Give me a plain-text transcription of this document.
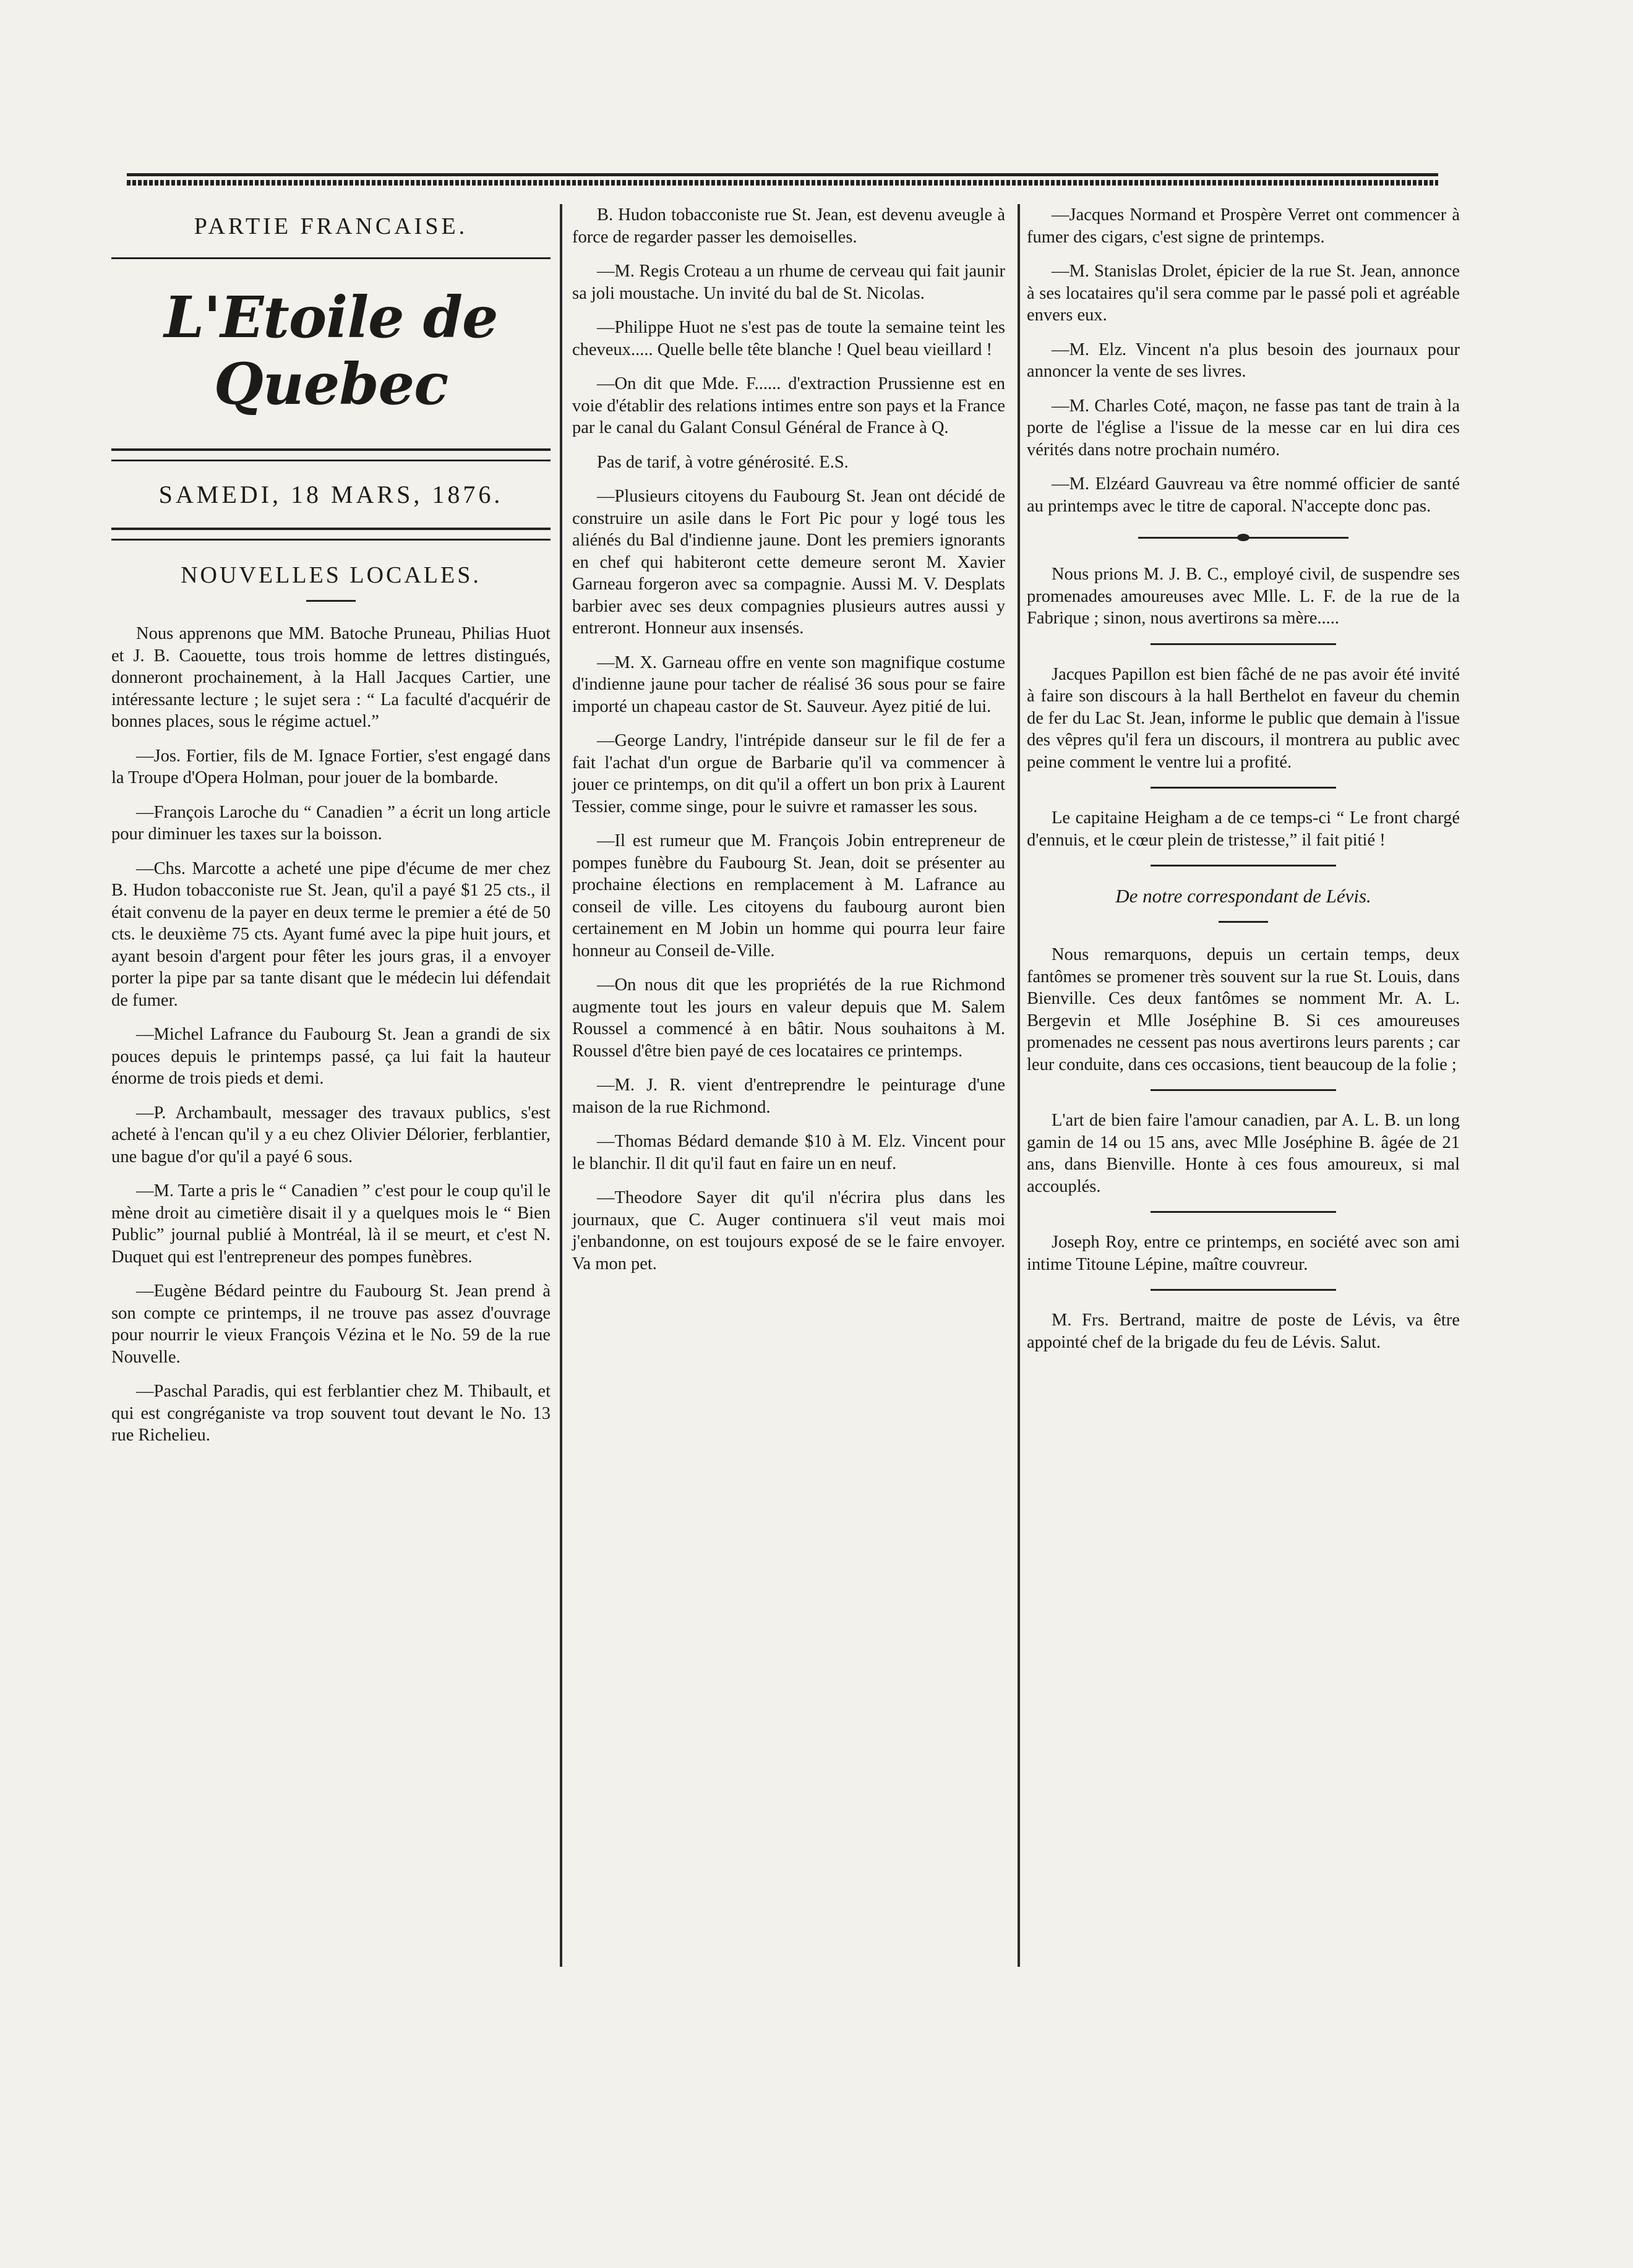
PARTIE FRANCAISE.
L'Etoile de Quebec
SAMEDI, 18 MARS, 1876.
NOUVELLES LOCALES.

Nous apprenons que MM. Batoche Pruneau, Philias Huot et J. B. Caouette, tous trois homme de lettres distingués, donneront prochainement, à la Hall Jacques Cartier, une intéressante lecture ; le sujet sera : “ La faculté d'acquérir de bonnes places, sous le régime actuel.”

—Jos. Fortier, fils de M. Ignace Fortier, s'est engagé dans la Troupe d'Opera Holman, pour jouer de la bombarde.

—François Laroche du “ Canadien ” a écrit un long article pour diminuer les taxes sur la boisson.

—Chs. Marcotte a acheté une pipe d'écume de mer chez B. Hudon tobacconiste rue St. Jean, qu'il a payé $1 25 cts., il était convenu de la payer en deux terme le premier a été de 50 cts. le deuxième 75 cts. Ayant fumé avec la pipe huit jours, et ayant besoin d'argent pour fêter les jours gras, il a envoyer porter la pipe par sa tante disant que le médecin lui défendait de fumer.

—Michel Lafrance du Faubourg St. Jean a grandi de six pouces depuis le printemps passé, ça lui fait la hauteur énorme de trois pieds et demi.

—P. Archambault, messager des travaux publics, s'est acheté à l'encan qu'il y a eu chez Olivier Délorier, ferblantier, une bague d'or qu'il a payé 6 sous.

—M. Tarte a pris le “ Canadien ” c'est pour le coup qu'il le mène droit au cimetière disait il y a quelques mois le “ Bien Public” journal publié à Montréal, là il se meurt, et c'est N. Duquet qui est l'entrepreneur des pompes funèbres.

—Eugène Bédard peintre du Faubourg St. Jean prend à son compte ce printemps, il ne trouve pas assez d'ouvrage pour nourrir le vieux François Vézina et le No. 59 de la rue Nouvelle.

—Paschal Paradis, qui est ferblantier chez M. Thibault, et qui est congréganiste va trop souvent tout devant le No. 13 rue Richelieu.

B. Hudon tobacconiste rue St. Jean, est devenu aveugle à force de regarder passer les demoiselles.

—M. Regis Croteau a un rhume de cerveau qui fait jaunir sa joli moustache. Un invité du bal de St. Nicolas.

—Philippe Huot ne s'est pas de toute la semaine teint les cheveux..... Quelle belle tête blanche ! Quel beau vieillard !

—On dit que Mde. F...... d'extraction Prussienne est en voie d'établir des relations intimes entre son pays et la France par le canal du Galant Consul Général de France à Q.

Pas de tarif, à votre générosité. E.S.

—Plusieurs citoyens du Faubourg St. Jean ont décidé de construire un asile dans le Fort Pic pour y logé tous les aliénés du Bal d'indienne jaune. Dont les premiers ignorants en chef qui habiteront cette demeure seront M. Xavier Garneau forgeron avec sa compagnie. Aussi M. V. Desplats barbier avec ses deux compagnies plusieurs autres aussi y entreront. Honneur aux insensés.

—M. X. Garneau offre en vente son magnifique costume d'indienne jaune pour tacher de réalisé 36 sous pour se faire importé un chapeau castor de St. Sauveur. Ayez pitié de lui.

—George Landry, l'intrépide danseur sur le fil de fer a fait l'achat d'un orgue de Barbarie qu'il va commencer à jouer ce printemps, on dit qu'il a offert un bon prix à Laurent Tessier, comme singe, pour le suivre et ramasser les sous.

—Il est rumeur que M. François Jobin entrepreneur de pompes funèbre du Faubourg St. Jean, doit se présenter au prochaine élections en remplacement à M. Lafrance au conseil de ville. Les citoyens du faubourg auront bien certainement en M Jobin un homme qui pourra leur faire honneur au Conseil de-Ville.

—On nous dit que les propriétés de la rue Richmond augmente tout les jours en valeur depuis que M. Salem Roussel a commencé à en bâtir. Nous souhaitons à M. Roussel d'être bien payé de ces locataires ce printemps.

—M. J. R. vient d'entreprendre le peinturage d'une maison de la rue Richmond.

—Thomas Bédard demande $10 à M. Elz. Vincent pour le blanchir. Il dit qu'il faut en faire un en neuf.

—Theodore Sayer dit qu'il n'écrira plus dans les journaux, que C. Auger continuera s'il veut mais moi j'enbandonne, on est toujours exposé de se le faire envoyer. Va mon pet.

—Jacques Normand et Prospère Verret ont commencer à fumer des cigars, c'est signe de printemps.

—M. Stanislas Drolet, épicier de la rue St. Jean, annonce à ses locataires qu'il sera comme par le passé poli et agréable envers eux.

—M. Elz. Vincent n'a plus besoin des journaux pour annoncer la vente de ses livres.

—M. Charles Coté, maçon, ne fasse pas tant de train à la porte de l'église a l'issue de la messe car en lui dira ces vérités dans notre prochain numéro.

—M. Elzéard Gauvreau va être nommé officier de santé au printemps avec le titre de caporal. N'accepte donc pas.

Nous prions M. J. B. C., employé civil, de suspendre ses promenades amoureuses avec Mlle. L. F. de la rue de la Fabrique ; sinon, nous avertirons sa mère.....

Jacques Papillon est bien fâché de ne pas avoir été invité à faire son discours à la hall Berthelot en faveur du chemin de fer du Lac St. Jean, informe le public que demain à l'issue des vêpres qu'il fera un discours, il montrera au public avec peine comment le ventre lui a profité.

Le capitaine Heigham a de ce temps-ci “ Le front chargé d'ennuis, et le cœur plein de tristesse,” il fait pitié !

De notre correspondant de Lévis.

Nous remarquons, depuis un certain temps, deux fantômes se promener très souvent sur la rue St. Louis, dans Bienville. Ces deux fantômes se nomment Mr. A. L. Bergevin et Mlle Joséphine B. Si ces amoureuses promenades ne cessent pas nous avertirons leurs parents ; car leur conduite, dans ces occasions, tient beaucoup de la folie ;

L'art de bien faire l'amour canadien, par A. L. B. un long gamin de 14 ou 15 ans, avec Mlle Joséphine B. âgée de 21 ans, dans Bienville. Honte à ces fous amoureux, si mal accouplés.

Joseph Roy, entre ce printemps, en société avec son ami intime Titoune Lépine, maître couvreur.

M. Frs. Bertrand, maitre de poste de Lévis, va être appointé chef de la brigade du feu de Lévis. Salut.
